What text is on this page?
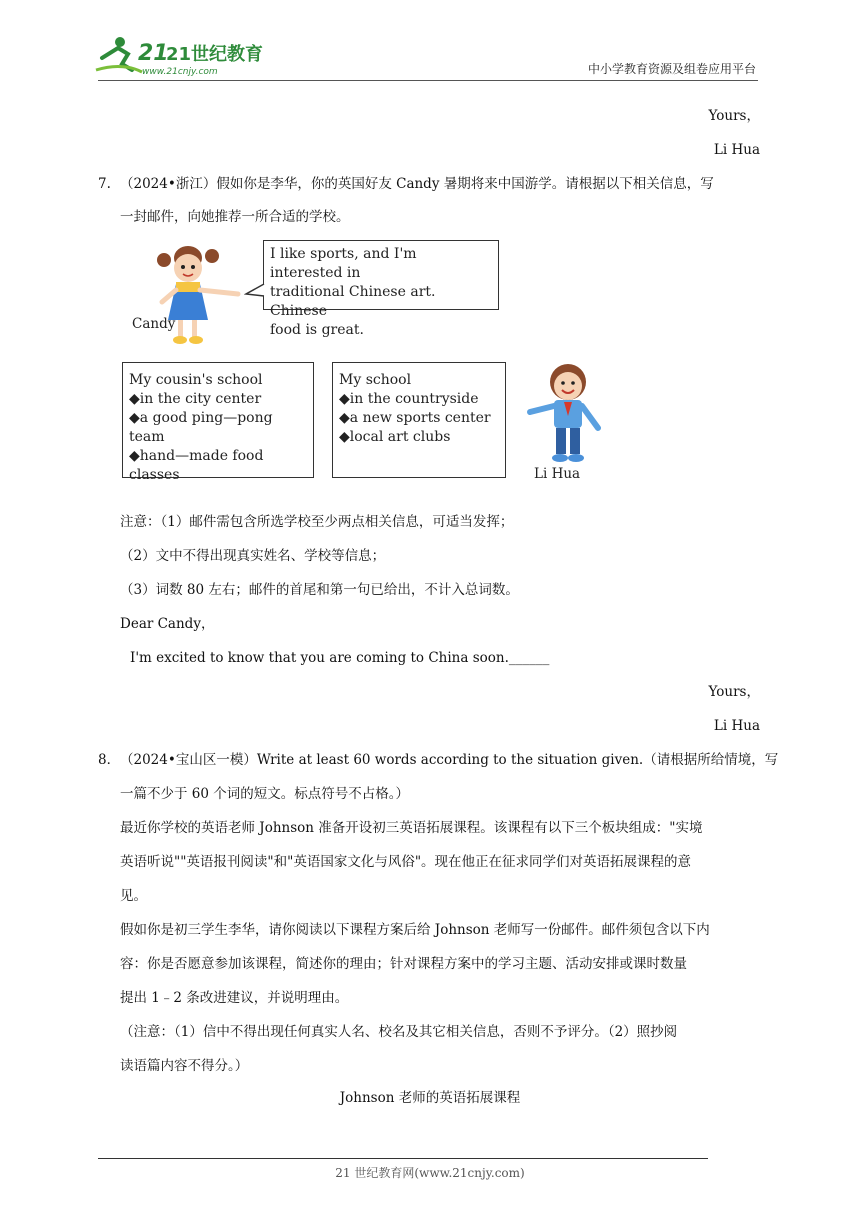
21
21世纪教育
www.21cnjy.com	中小学教育资源及组卷应用平台
Yours，
Li Hua
7. （2024•浙江）假如你是李华，你的英国好友 Candy 暑期将来中国游学。请根据以下相关信息，写
一封邮件，向她推荐一所合适的学校。
Candy
I like sports, and I'm interested in
traditional Chinese art. Chinese
food is great.
My cousin's school
◆in the city center
◆a good ping—pong team
◆hand—made food classes
My school
◆in the countryside
◆a new sports center
◆local art clubs
Li Hua
注意：（1）邮件需包含所选学校至少两点相关信息，可适当发挥；
（2）文中不得出现真实姓名、学校等信息；
（3）词数 80 左右；邮件的首尾和第一句已给出，不计入总词数。
Dear Candy，
I'm excited to know that you are coming to China soon.______
Yours，
Li Hua
8． （2024•宝山区一模）Write at least 60 words according to the situation given.（请根据所给情境，写
一篇不少于 60 个词的短文。标点符号不占格。）
最近你学校的英语老师 Johnson 准备开设初三英语拓展课程。该课程有以下三个板块组成："实境
英语听说""英语报刊阅读"和"英语国家文化与风俗"。现在他正在征求同学们对英语拓展课程的意
见。
假如你是初三学生李华，请你阅读以下课程方案后给 Johnson 老师写一份邮件。邮件须包含以下内
容：你是否愿意参加该课程，简述你的理由；针对课程方案中的学习主题、活动安排或课时数量
提出 1﹣2 条改进建议，并说明理由。
（注意：（1）信中不得出现任何真实人名、校名及其它相关信息，否则不予评分。（2）照抄阅
读语篇内容不得分。）
Johnson 老师的英语拓展课程
21 世纪教育网(www.21cnjy.com)
